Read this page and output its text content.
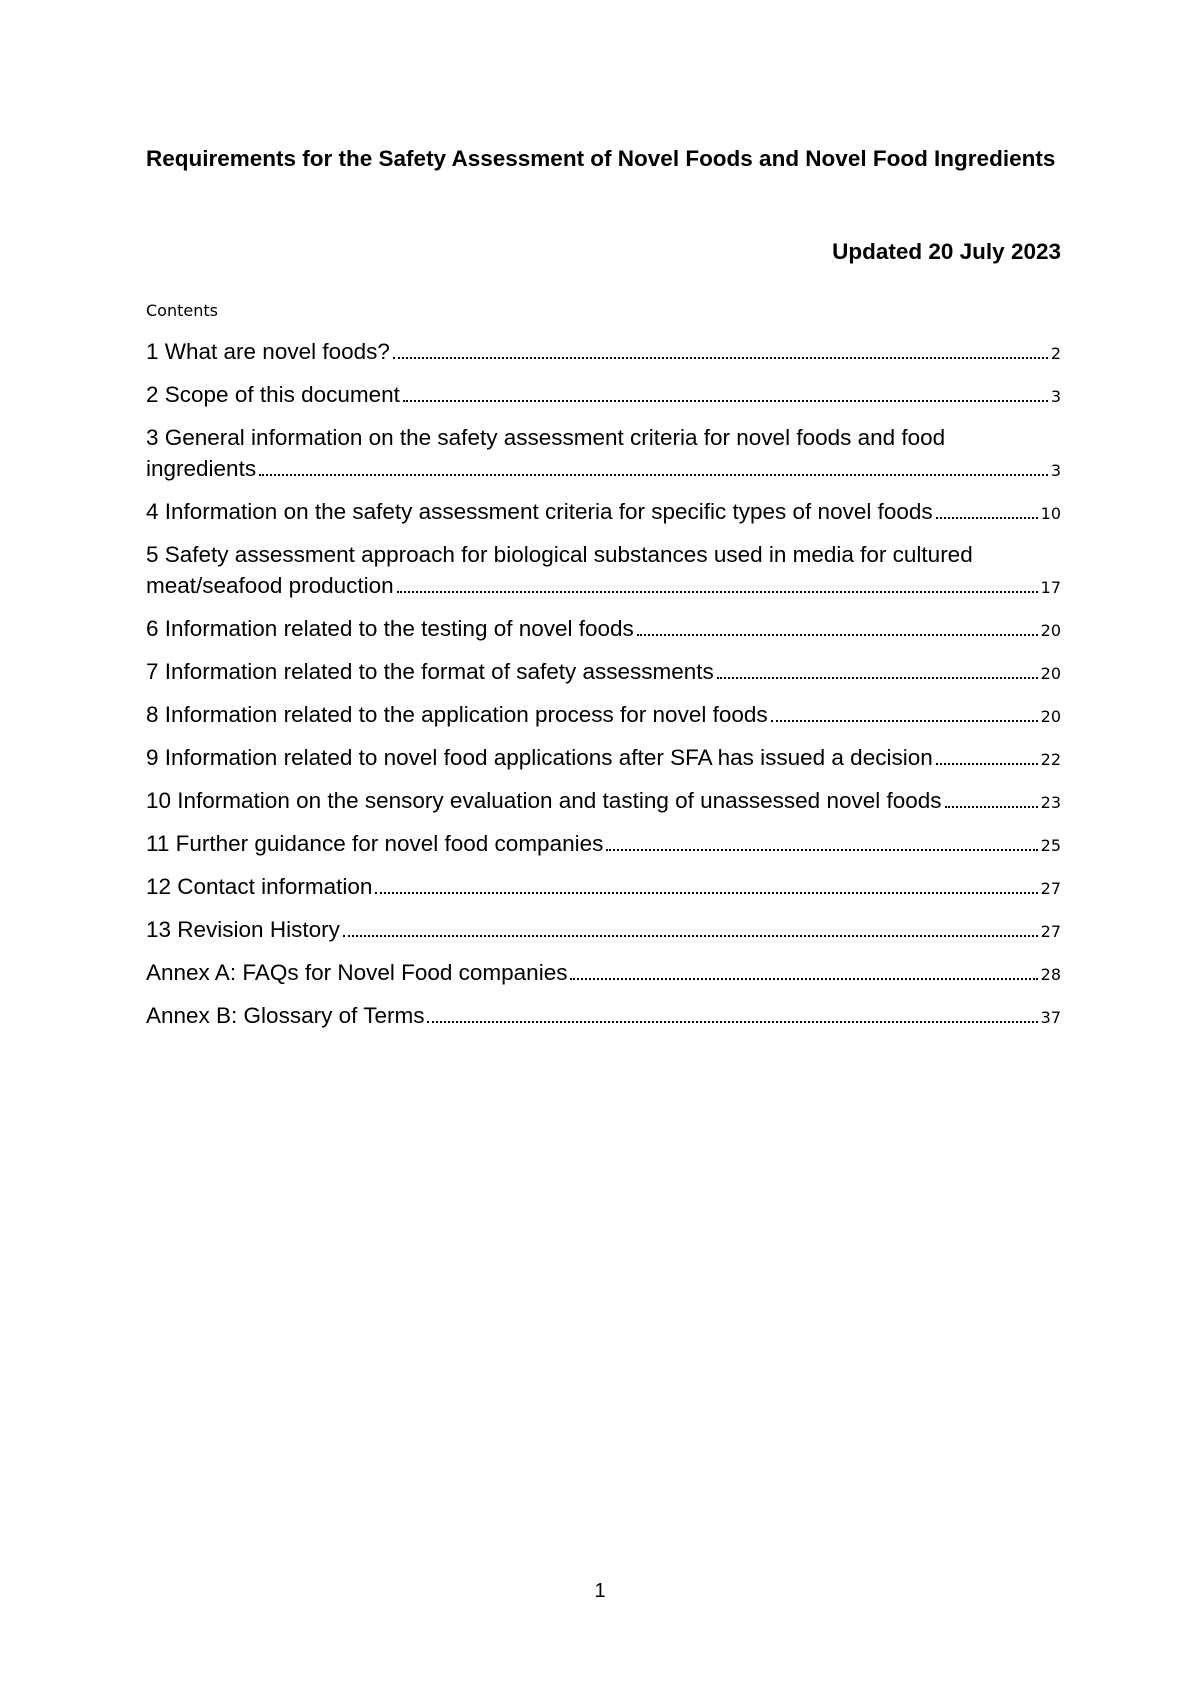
Requirements for the Safety Assessment of Novel Foods and Novel Food Ingredients

Updated 20 July 2023

Contents

1 What are novel foods?	2
2 Scope of this document	3
3 General information on the safety assessment criteria for novel foods and food
ingredients	3
4 Information on the safety assessment criteria for specific types of novel foods	10
5 Safety assessment approach for biological substances used in media for cultured
meat/seafood production	17
6 Information related to the testing of novel foods	20
7 Information related to the format of safety assessments	20
8 Information related to the application process for novel foods	20
9 Information related to novel food applications after SFA has issued a decision	22
10 Information on the sensory evaluation and tasting of unassessed novel foods	23
11 Further guidance for novel food companies	25
12 Contact information	27
13 Revision History	27
Annex A: FAQs for Novel Food companies	28
Annex B: Glossary of Terms	37

1
